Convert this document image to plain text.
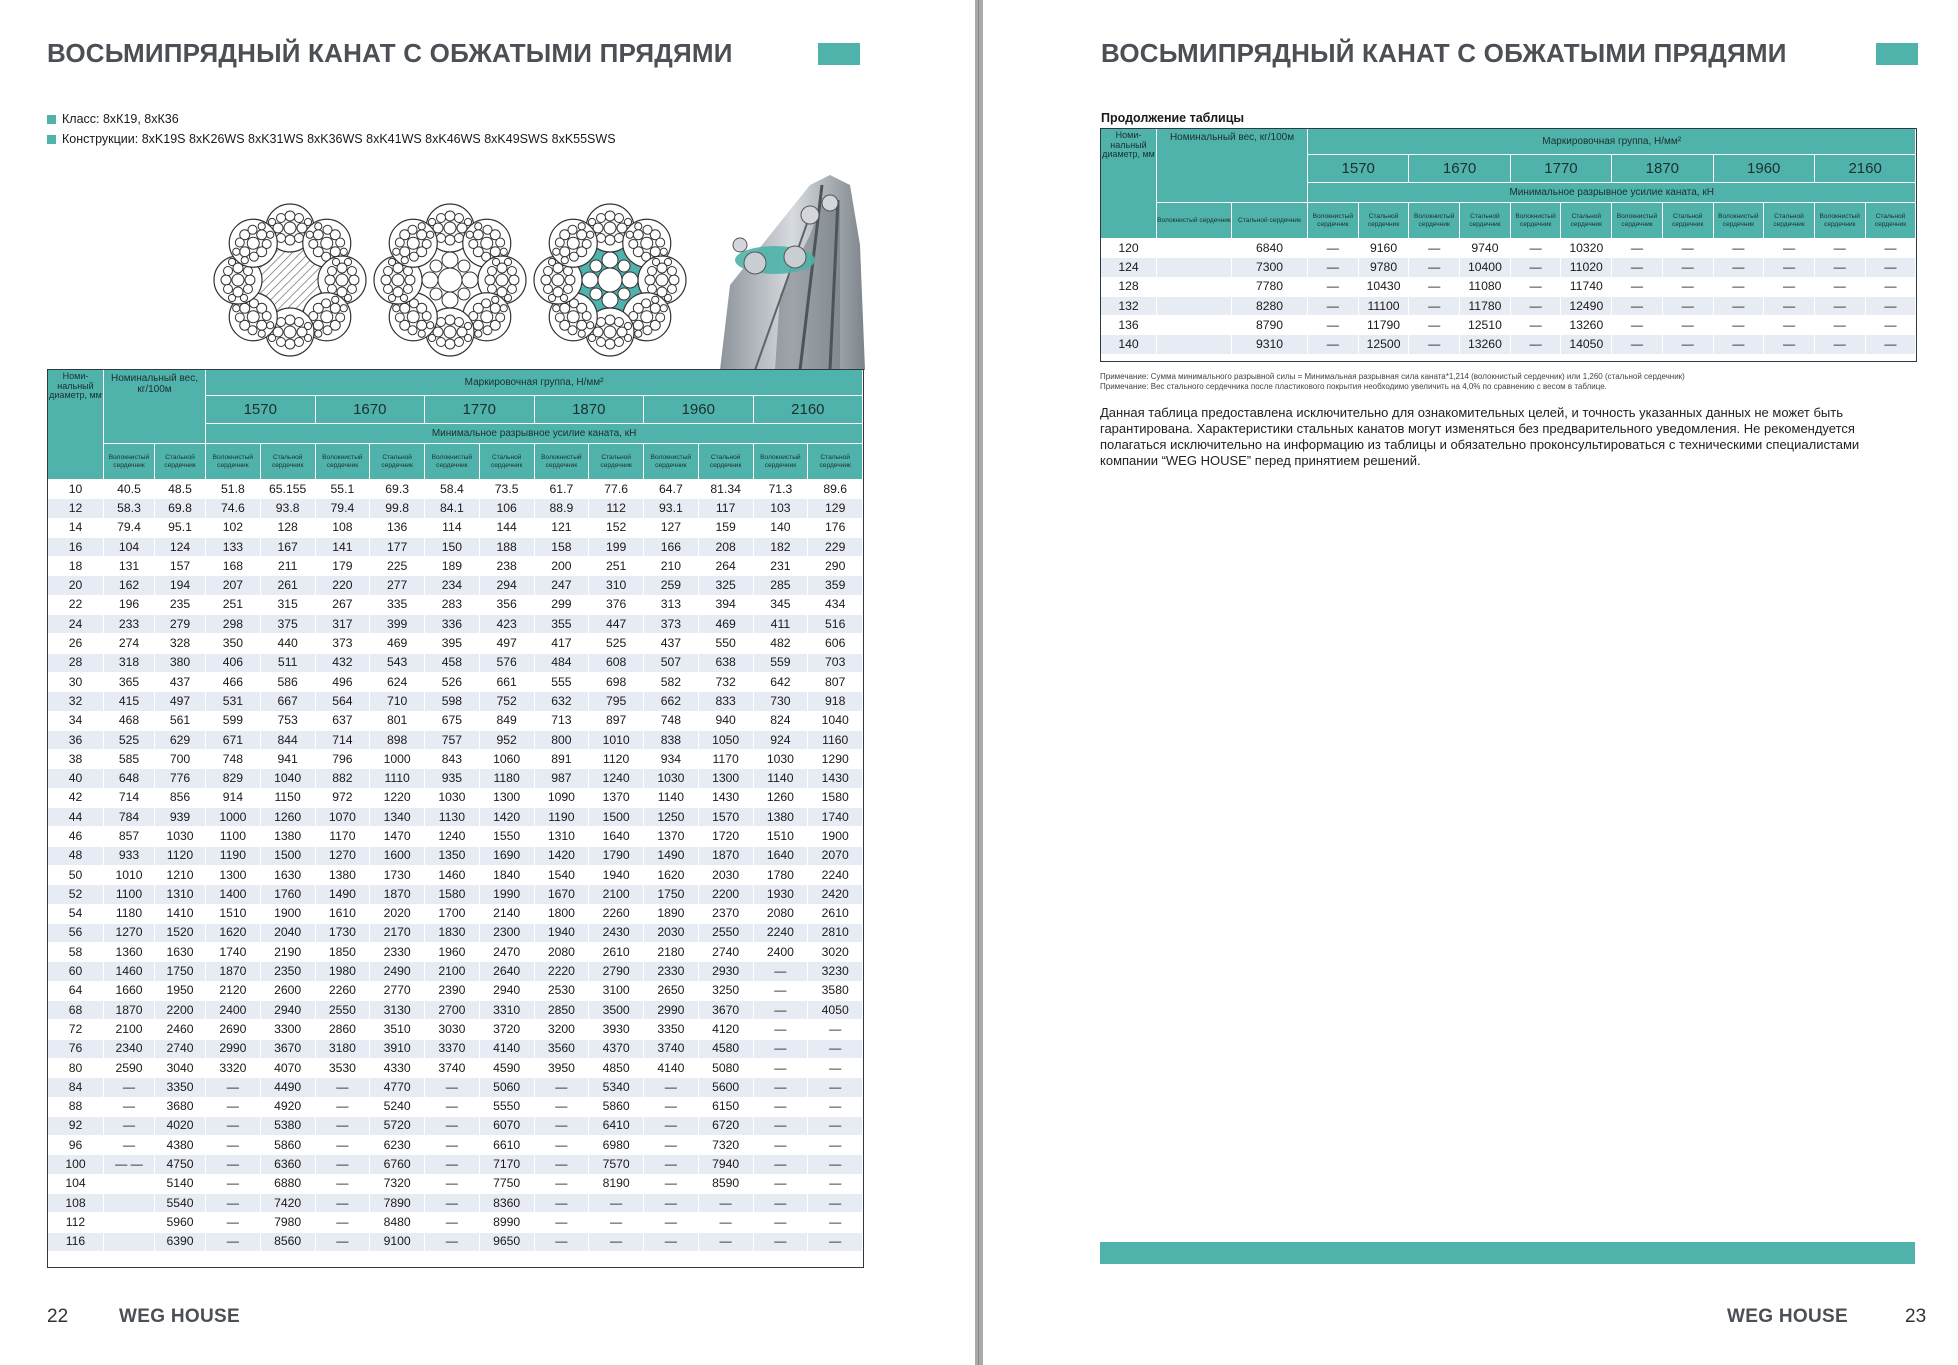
ВОСЬМИПРЯДНЫЙ КАНАТ С ОБЖАТЫМИ ПРЯДЯМИ
Класс: 8хК19, 8хК36
Конструкции: 8хK19S 8хK26WS 8хK31WS 8хK36WS 8хK41WS 8хK46WS 8хK49SWS 8хK55SWS
Номи-нальный диаметр, мм	Номинальный вес, кг/100м		Маркировочная группа, Н/мм²											
			1570		1670		1770		1870		1960		2160	
			Минимальное разрывное усилие каната, кН											
	Волокнистый сердечник	Стальной сердечник	Волокнистый сердечник	Стальной сердечник	Волокнистый сердечник	Стальной сердечник	Волокнистый сердечник	Стальной сердечник	Волокнистый сердечник	Стальной сердечник	Волокнистый сердечник	Стальной сердечник	Волокнистый сердечник	Стальной сердечник
10	40.5	48.5	51.8	65.155	55.1	69.3	58.4	73.5	61.7	77.6	64.7	81.34	71.3	89.6
12	58.3	69.8	74.6	93.8	79.4	99.8	84.1	106	88.9	112	93.1	117	103	129
14	79.4	95.1	102	128	108	136	114	144	121	152	127	159	140	176
16	104	124	133	167	141	177	150	188	158	199	166	208	182	229
18	131	157	168	211	179	225	189	238	200	251	210	264	231	290
20	162	194	207	261	220	277	234	294	247	310	259	325	285	359
22	196	235	251	315	267	335	283	356	299	376	313	394	345	434
24	233	279	298	375	317	399	336	423	355	447	373	469	411	516
26	274	328	350	440	373	469	395	497	417	525	437	550	482	606
28	318	380	406	511	432	543	458	576	484	608	507	638	559	703
30	365	437	466	586	496	624	526	661	555	698	582	732	642	807
32	415	497	531	667	564	710	598	752	632	795	662	833	730	918
34	468	561	599	753	637	801	675	849	713	897	748	940	824	1040
36	525	629	671	844	714	898	757	952	800	1010	838	1050	924	1160
38	585	700	748	941	796	1000	843	1060	891	1120	934	1170	1030	1290
40	648	776	829	1040	882	1110	935	1180	987	1240	1030	1300	1140	1430
42	714	856	914	1150	972	1220	1030	1300	1090	1370	1140	1430	1260	1580
44	784	939	1000	1260	1070	1340	1130	1420	1190	1500	1250	1570	1380	1740
46	857	1030	1100	1380	1170	1470	1240	1550	1310	1640	1370	1720	1510	1900
48	933	1120	1190	1500	1270	1600	1350	1690	1420	1790	1490	1870	1640	2070
50	1010	1210	1300	1630	1380	1730	1460	1840	1540	1940	1620	2030	1780	2240
52	1100	1310	1400	1760	1490	1870	1580	1990	1670	2100	1750	2200	1930	2420
54	1180	1410	1510	1900	1610	2020	1700	2140	1800	2260	1890	2370	2080	2610
56	1270	1520	1620	2040	1730	2170	1830	2300	1940	2430	2030	2550	2240	2810
58	1360	1630	1740	2190	1850	2330	1960	2470	2080	2610	2180	2740	2400	3020
60	1460	1750	1870	2350	1980	2490	2100	2640	2220	2790	2330	2930	—	3230
64	1660	1950	2120	2600	2260	2770	2390	2940	2530	3100	2650	3250	—	3580
68	1870	2200	2400	2940	2550	3130	2700	3310	2850	3500	2990	3670	—	4050
72	2100	2460	2690	3300	2860	3510	3030	3720	3200	3930	3350	4120	—	—
76	2340	2740	2990	3670	3180	3910	3370	4140	3560	4370	3740	4580	—	—
80	2590	3040	3320	4070	3530	4330	3740	4590	3950	4850	4140	5080	—	—
84	—	3350	—	4490	—	4770	—	5060	—	5340	—	5600	—	—
88	—	3680	—	4920	—	5240	—	5550	—	5860	—	6150	—	—
92	—	4020	—	5380	—	5720	—	6070	—	6410	—	6720	—	—
96	—	4380	—	5860	—	6230	—	6610	—	6980	—	7320	—	—
100	— —	4750	—	6360	—	6760	—	7170	—	7570	—	7940	—	—
104		5140	—	6880	—	7320	—	7750	—	8190	—	8590	—	—
108		5540	—	7420	—	7890	—	8360	—	—	—	—	—	—
112		5960	—	7980	—	8480	—	8990	—	—	—	—	—	—
116		6390	—	8560	—	9100	—	9650	—	—	—	—	—	—
22	WEG HOUSE
ВОСЬМИПРЯДНЫЙ КАНАТ С ОБЖАТЫМИ ПРЯДЯМИ
WEG HOUSE	23
Продолжение таблицы
Номи-нальный диаметр, мм	Номинальный вес, кг/100м		Маркировочная группа, Н/мм²											
			1570		1670		1770		1870		1960		2160	
			Минимальное разрывное усилие каната, кН											
	Волокнистый сердечник	Стальной сердечник	Волокнистый сердечник	Стальной сердечник	Волокнистый сердечник	Стальной сердечник	Волокнистый сердечник	Стальной сердечник	Волокнистый сердечник	Стальной сердечник	Волокнистый сердечник	Стальной сердечник	Волокнистый сердечник	Стальной сердечник
120		6840	—	9160	—	9740	—	10320	—	—	—	—	—	—
124		7300	—	9780	—	10400	—	11020	—	—	—	—	—	—
128		7780	—	10430	—	11080	—	11740	—	—	—	—	—	—
132		8280	—	11100	—	11780	—	12490	—	—	—	—	—	—
136		8790	—	11790	—	12510	—	13260	—	—	—	—	—	—
140		9310	—	12500	—	13260	—	14050	—	—	—	—	—	—
Примечание: Сумма минимального разрывной силы = Минимальная разрывная сила каната*1,214 (волокнистый сердечник) или 1,260 (стальной сердечник)
Примечание: Вес стального сердечника после пластикового покрытия необходимо увеличить на 4,0% по сравнению с весом в таблице.
Данная таблица предоставлена исключительно для ознакомительных целей, и точность указанных данных не может быть гарантирована. Характеристики стальных канатов могут изменяться без предварительного уведомления. Не рекомендуется полагаться исключительно на информацию из таблицы и обязательно проконсультироваться с техническими специалистами компании “WEG HOUSE” перед принятием решений.
